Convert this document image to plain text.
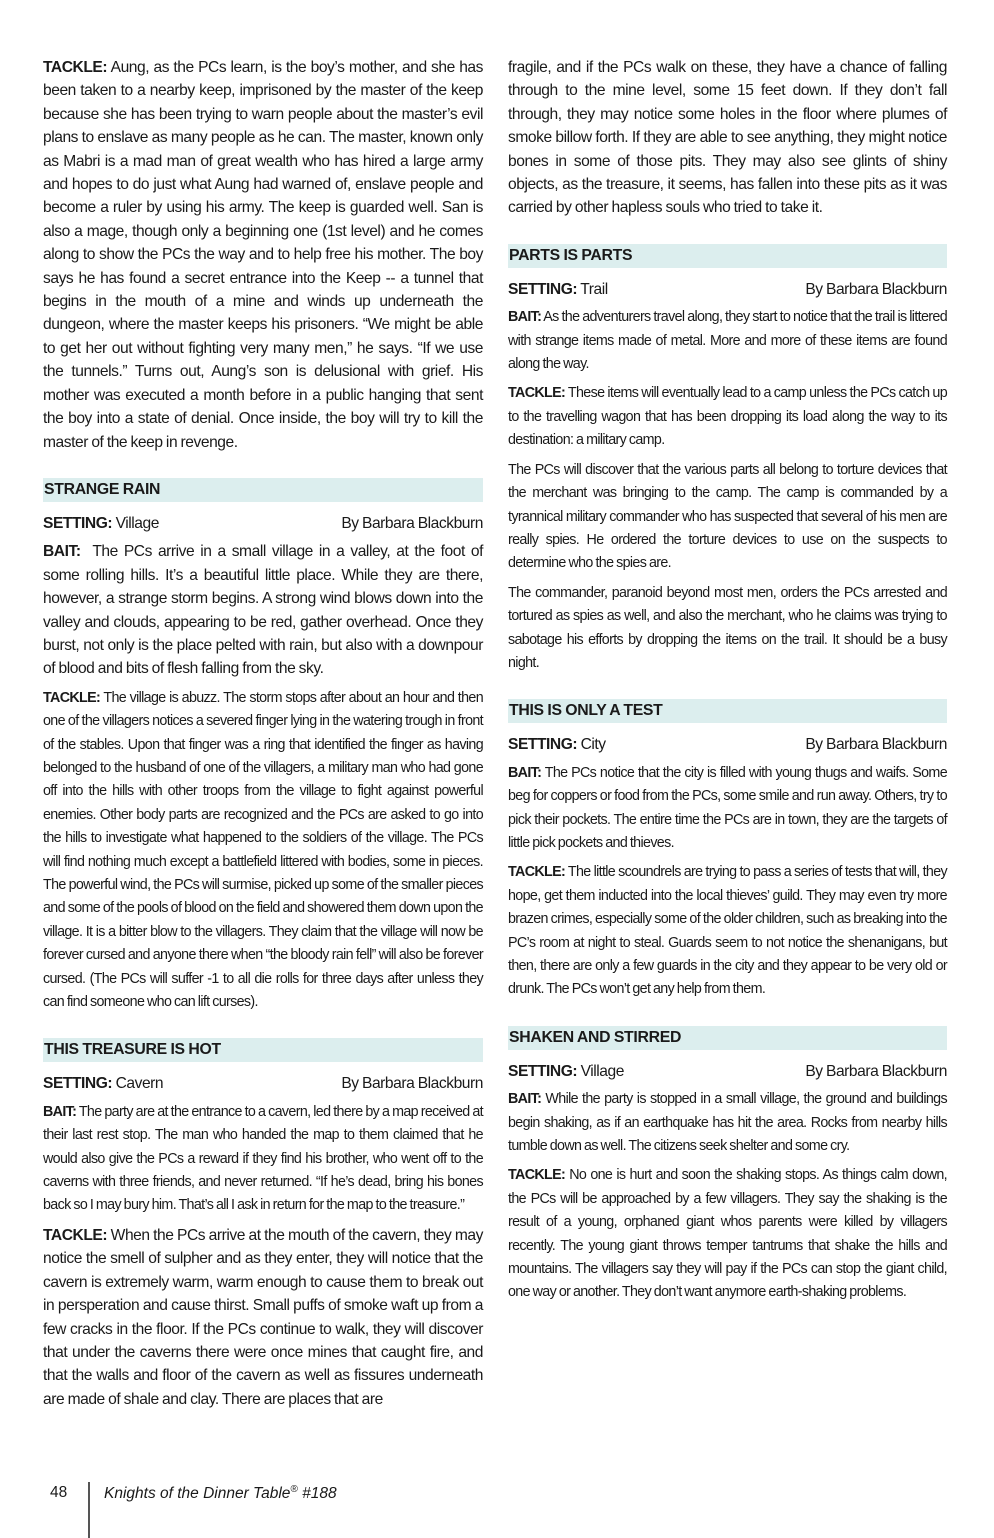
TACKLE: Aung, as the PCs learn, is the boy’s mother, and she has been taken to a nearby keep, imprisoned by the master of the keep because she has been trying to warn people about the master’s evil plans to enslave as many people as he can. The master, known only as Mabri is a mad man of great wealth who has hired a large army and hopes to do just what Aung had warned of, enslave people and become a ruler by using his army. The keep is guarded well. San is also a mage, though only a beginning one (1st level) and he comes along to show the PCs the way and to help free his mother. The boy says he has found a secret entrance into the Keep -- a tunnel that begins in the mouth of a mine and winds up underneath the dungeon, where the master keeps his prisoners. “We might be able to get her out without fighting very many men,” he says. “If we use the tunnels.” Turns out, Aung’s son is delusional with grief. His mother was executed a month before in a public hanging that sent the boy into a state of denial. Once inside, the boy will try to kill the master of the keep in revenge.

STRANGE RAIN
SETTING: Village	By Barbara Blackburn

BAIT: The PCs arrive in a small village in a valley, at the foot of some rolling hills. It’s a beautiful little place. While they are there, however, a strange storm begins. A strong wind blows down into the valley and clouds, appearing to be red, gather overhead. Once they burst, not only is the place pelted with rain, but also with a downpour of blood and bits of flesh falling from the sky.

TACKLE: The village is abuzz. The storm stops after about an hour and then one of the villagers notices a severed finger lying in the watering trough in front of the stables. Upon that finger was a ring that identified the finger as having belonged to the husband of one of the villagers, a military man who had gone off into the hills with other troops from the village to fight against powerful enemies. Other body parts are recognized and the PCs are asked to go into the hills to investigate what happened to the soldiers of the village. The PCs will find nothing much except a battlefield littered with bodies, some in pieces. The powerful wind, the PCs will surmise, picked up some of the smaller pieces and some of the pools of blood on the field and showered them down upon the village. It is a bitter blow to the villagers. They claim that the village will now be forever cursed and anyone there when “the bloody rain fell” will also be forever cursed. (The PCs will suffer -1 to all die rolls for three days after unless they can find someone who can lift curses).

THIS TREASURE IS HOT
SETTING: Cavern	By Barbara Blackburn

BAIT: The party are at the entrance to a cavern, led there by a map received at their last rest stop. The man who handed the map to them claimed that he would also give the PCs a reward if they find his brother, who went off to the caverns with three friends, and never returned. “If he’s dead, bring his bones back so I may bury him. That’s all I ask in return for the map to the treasure.”

TACKLE: When the PCs arrive at the mouth of the cavern, they may notice the smell of sulpher and as they enter, they will notice that the cavern is extremely warm, warm enough to cause them to break out in persperation and cause thirst. Small puffs of smoke waft up from a few cracks in the floor. If the PCs continue to walk, they will discover that under the caverns there were once mines that caught fire, and that the walls and floor of the cavern as well as fissures underneath are made of shale and clay. There are places that are

fragile, and if the PCs walk on these, they have a chance of falling through to the mine level, some 15 feet down. If they don’t fall through, they may notice some holes in the floor where plumes of smoke billow forth. If they are able to see anything, they might notice bones in some of those pits. They may also see glints of shiny objects, as the treasure, it seems, has fallen into these pits as it was carried by other hapless souls who tried to take it.

PARTS IS PARTS
SETTING: Trail	By Barbara Blackburn

BAIT: As the adventurers travel along, they start to notice that the trail is littered with strange items made of metal. More and more of these items are found along the way.

TACKLE: These items will eventually lead to a camp unless the PCs catch up to the travelling wagon that has been dropping its load along the way to its destination: a military camp.

The PCs will discover that the various parts all belong to torture devices that the merchant was bringing to the camp. The camp is commanded by a tyrannical military commander who has suspected that several of his men are really spies. He ordered the torture devices to use on the suspects to determine who the spies are.

The commander, paranoid beyond most men, orders the PCs arrested and tortured as spies as well, and also the merchant, who he claims was trying to sabotage his efforts by dropping the items on the trail. It should be a busy night.

THIS IS ONLY A TEST
SETTING: City	By Barbara Blackburn

BAIT: The PCs notice that the city is filled with young thugs and waifs. Some beg for coppers or food from the PCs, some smile and run away. Others, try to pick their pockets. The entire time the PCs are in town, they are the targets of little pick pockets and thieves.

TACKLE: The little scoundrels are trying to pass a series of tests that will, they hope, get them inducted into the local thieves’ guild. They may even try more brazen crimes, especially some of the older children, such as breaking into the PC’s room at night to steal. Guards seem to not notice the shenanigans, but then, there are only a few guards in the city and they appear to be very old or drunk. The PCs won’t get any help from them.

SHAKEN AND STIRRED
SETTING: Village	By Barbara Blackburn

BAIT: While the party is stopped in a small village, the ground and buildings begin shaking, as if an earthquake has hit the area. Rocks from nearby hills tumble down as well. The citizens seek shelter and some cry.

TACKLE: No one is hurt and soon the shaking stops. As things calm down, the PCs will be approached by a few villagers. They say the shaking is the result of a young, orphaned giant whos parents were killed by villagers recently. The young giant throws temper tantrums that shake the hills and mountains. The villagers say they will pay if the PCs can stop the giant child, one way or another. They don’t want anymore earth-shaking problems.

48 Knights of the Dinner Table® #188
